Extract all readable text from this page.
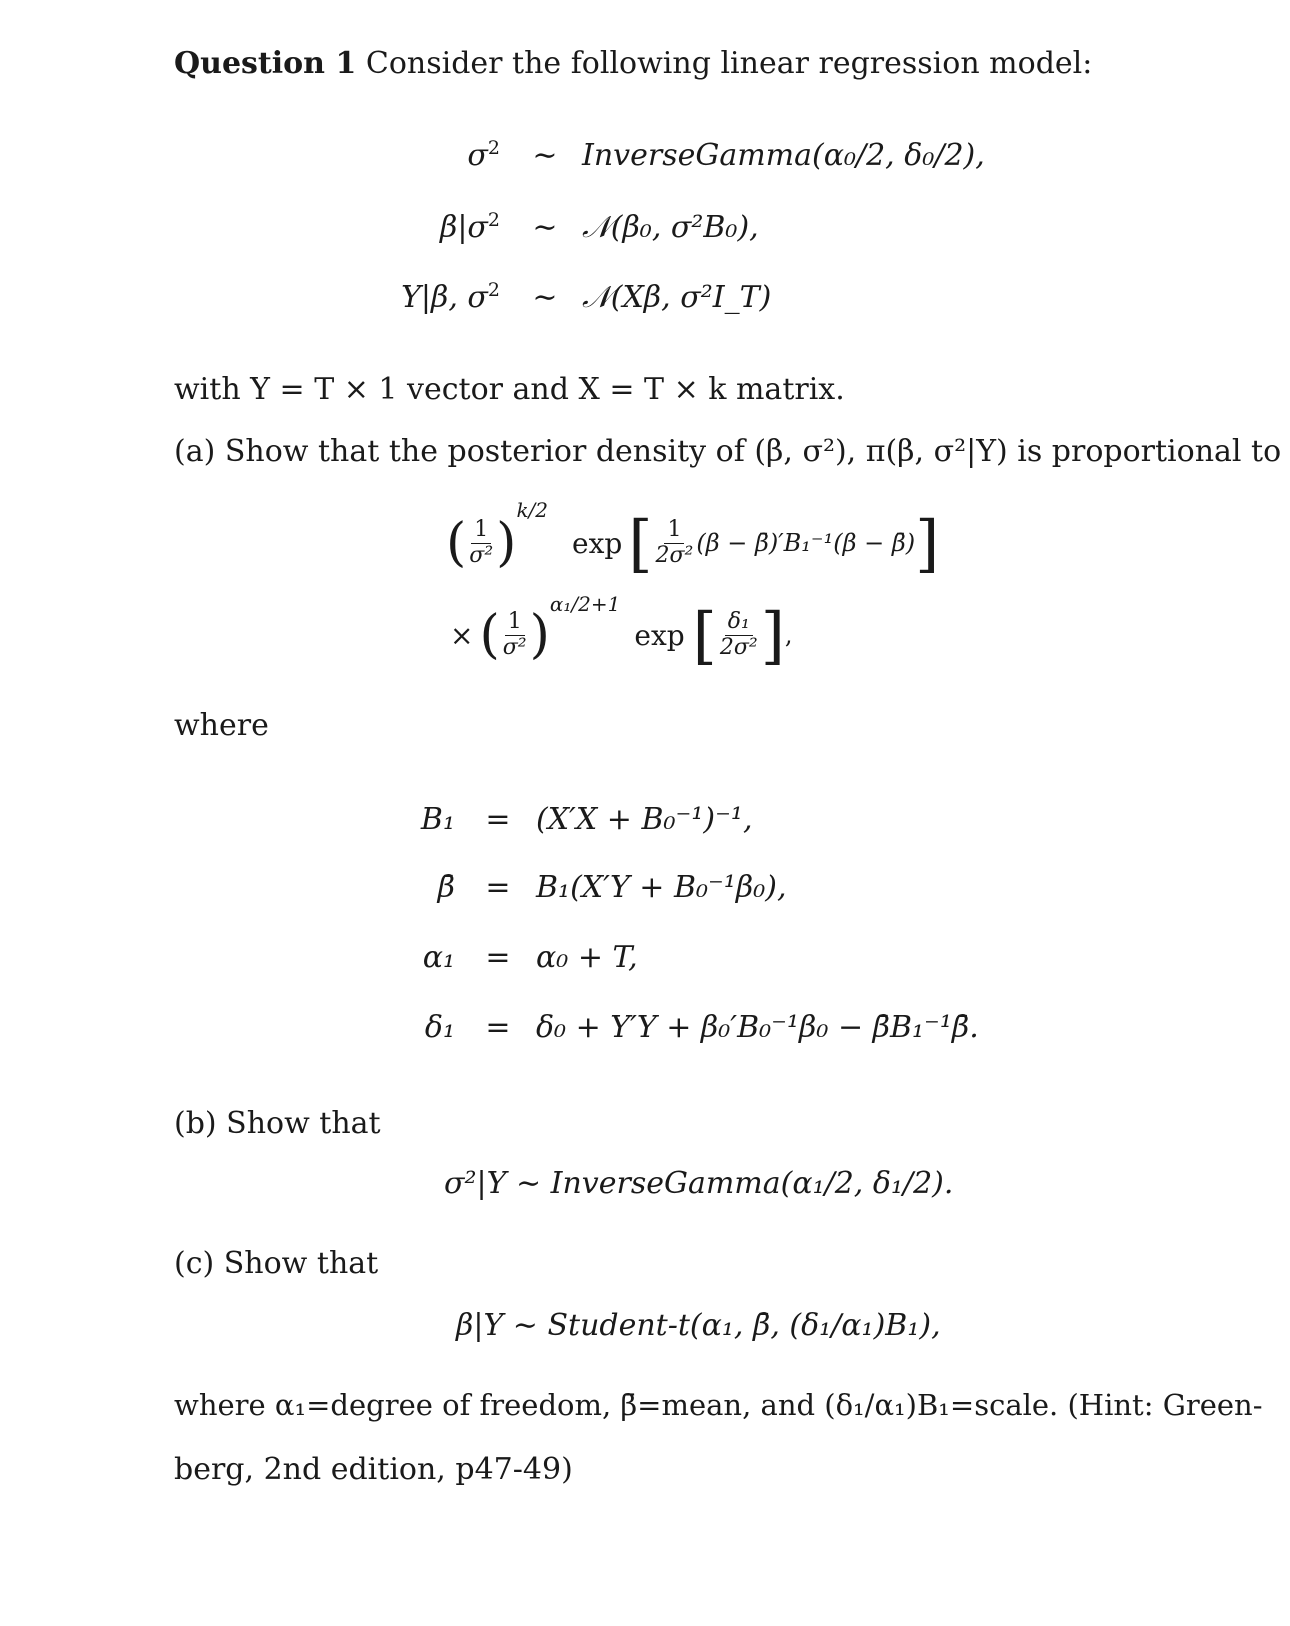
Question 1 Consider the following linear regression model:
$\sigma^2$	∼ InverseGamma(α₀/2, δ₀/2),
$\beta|\sigma^2$	∼ 𝒩(β₀, σ²B₀),
Y|β, $\sigma^2$	∼ 𝒩(Xβ, σ²I_T)
with Y = T × 1 vector and X = T × k matrix.
(a) Show that the posterior density of (β, σ²), π(β, σ²|Y) is proportional to
( $\frac{1}{\text{σ²}}$ )
k/2
exp [ $\frac{1}{\text{2σ²}} (\beta$ − β̄)′B₁⁻¹(β − β̄) ]
× ( $\frac{1}{\text{σ²}}$ )
α₁/2+1
exp [ $\frac{\text{δ₁}}{\text{2σ²}}$ ] ,
where
B₁	= (X′X + B₀⁻¹)⁻¹,
β̄	= B₁(X′Y + B₀⁻¹β₀),
α₁	= α₀ + T,
δ₁	= δ₀ + Y′Y + β₀′B₀⁻¹β₀ − β̄B₁⁻¹β̄.
(b) Show that
σ²|Y ∼ InverseGamma(α₁/2, δ₁/2).
(c) Show that
β|Y ∼ Student-t(α₁, β̄, (δ₁/α₁)B₁),
where α₁=degree of freedom, β̄=mean, and (δ₁/α₁)B₁=scale. (Hint: Green-
berg, 2nd edition, p47-49)
